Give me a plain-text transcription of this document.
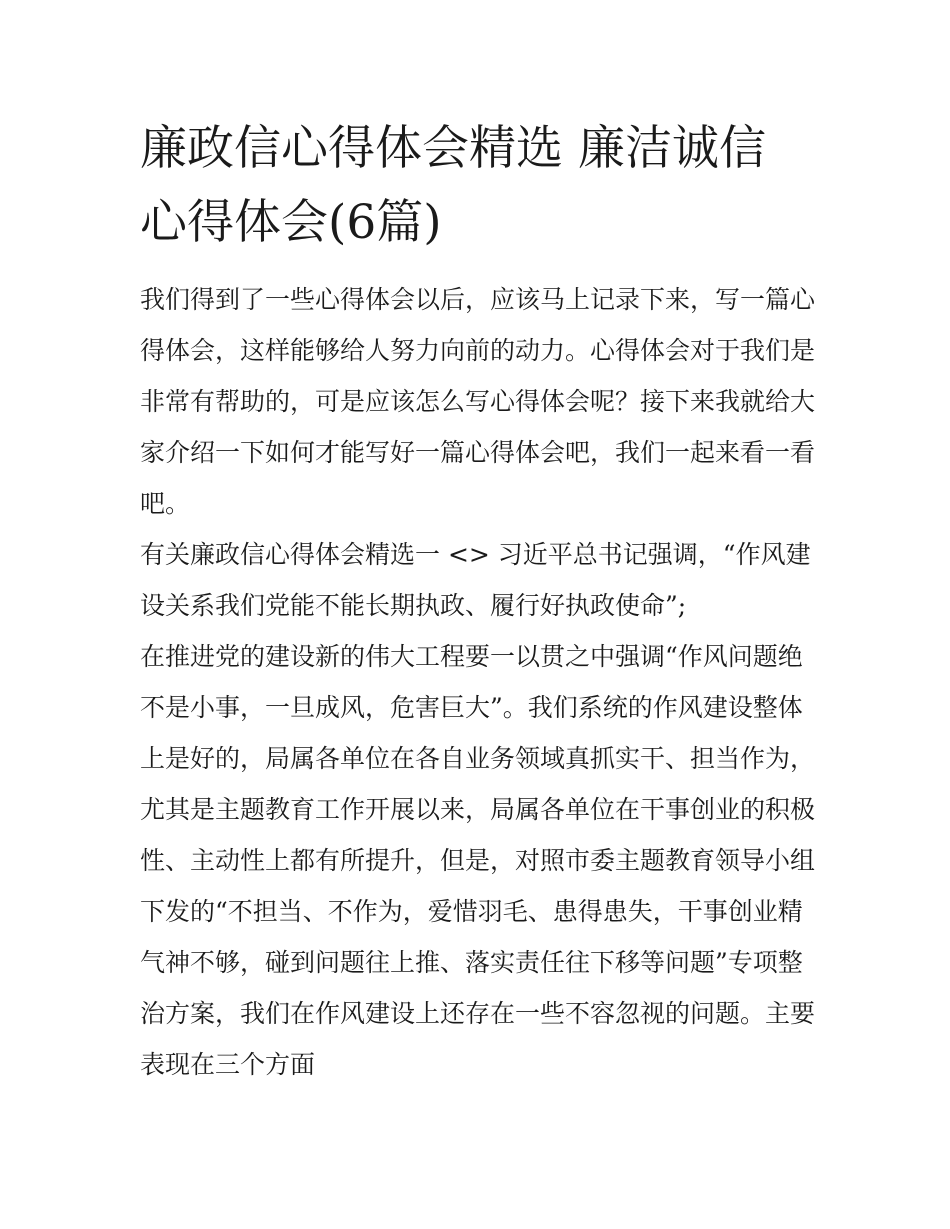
廉政信心得体会精选 廉洁诚信
心得体会(6篇)

我们得到了一些心得体会以后，应该马上记录下来，写一篇心
得体会，这样能够给人努力向前的动力。心得体会对于我们是
非常有帮助的，可是应该怎么写心得体会呢？接下来我就给大
家介绍一下如何才能写好一篇心得体会吧，我们一起来看一看
吧。

有关廉政信心得体会精选一 <> 习近平总书记强调，“作风建
设关系我们党能不能长期执政、履行好执政使命”;

在推进党的建设新的伟大工程要一以贯之中强调“作风问题绝
不是小事，一旦成风，危害巨大”。我们系统的作风建设整体
上是好的，局属各单位在各自业务领域真抓实干、担当作为，
尤其是主题教育工作开展以来，局属各单位在干事创业的积极
性、主动性上都有所提升，但是，对照市委主题教育领导小组
下发的“不担当、不作为，爱惜羽毛、患得患失，干事创业精
气神不够，碰到问题往上推、落实责任往下移等问题”专项整
治方案，我们在作风建设上还存在一些不容忽视的问题。主要
表现在三个方面
